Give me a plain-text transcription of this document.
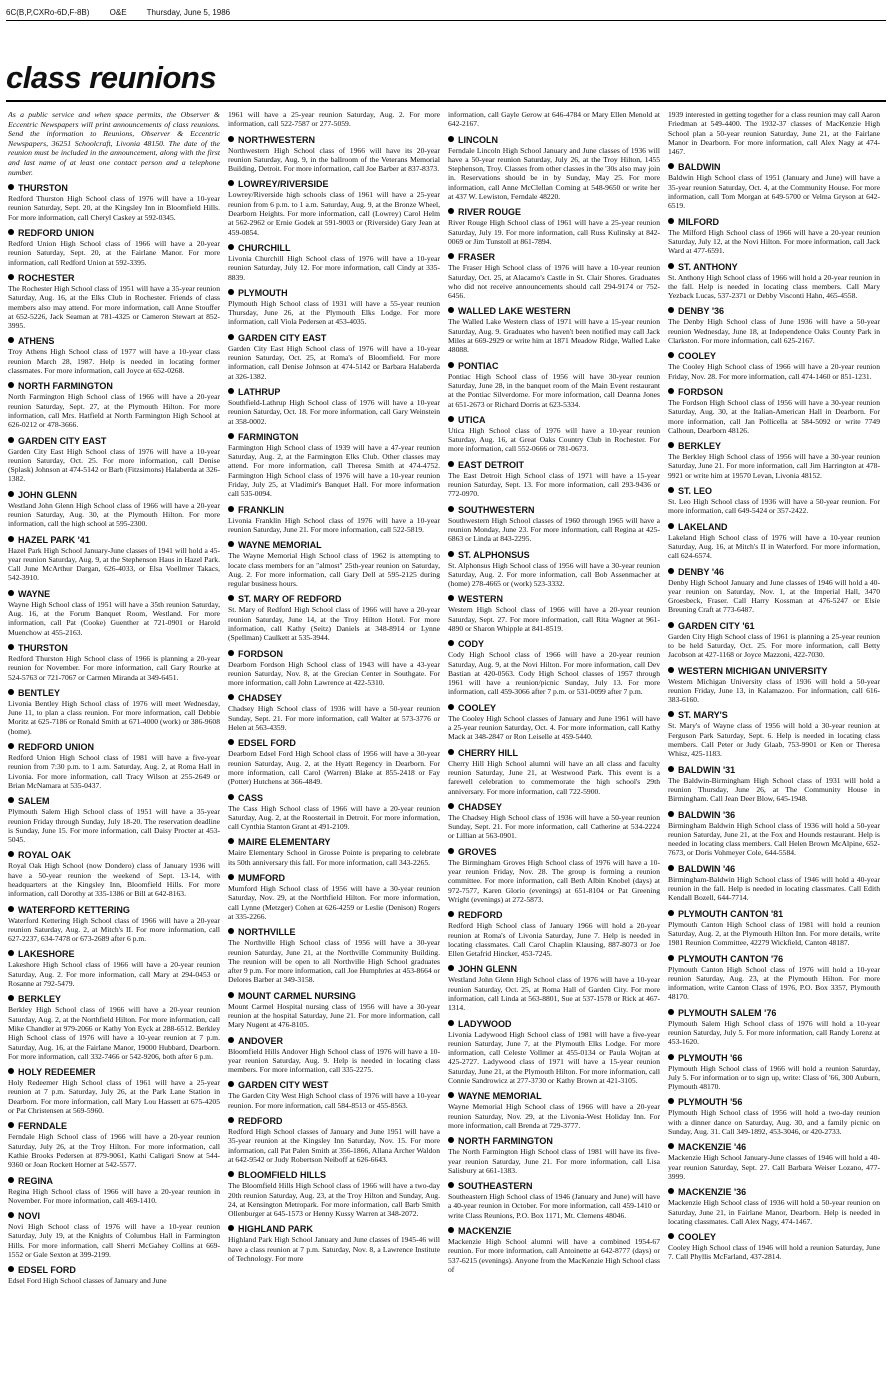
6C(B,P,CXRo-6D,F-8B)	O&E	Thursday, June 5, 1986
class reunions

As a public service and when space permits, the Observer & Eccentric Newspapers will print announcements of class reunions. Send the information to Reunions, Observer & Eccentric Newspapers, 36251 Schoolcraft, Livonia 48150. The date of the reunion must be included in the announcement, along with the first and last name of at least one contact person and a telephone number.

THURSTON
Redford Thurston High School class of 1976 will have a 10-year reunion Saturday, Sept. 20, at the Kingsley Inn in Bloomfield Hills. For more information, call Cheryl Caskey at 592-0345.
REDFORD UNION
Redford Union High School class of 1966 will have a 20-year reunion Saturday, Sept. 20, at the Fairlane Manor. For more information, call Redford Union at 592-3395.
ROCHESTER
The Rochester High School class of 1951 will have a 35-year reunion Saturday, Aug. 16, at the Elks Club in Rochester. Friends of class members also may attend. For more information, call Anne Stouffer at 652-5226, Jack Seaman at 781-4325 or Cameron Stewart at 852-3995.
ATHENS
Troy Athens High School class of 1977 will have a 10-year class reunion March 28, 1987. Help is needed in locating former classmates. For more information, call Joyce at 652-0268.
NORTH FARMINGTON
North Farmington High School class of 1966 will have a 20-year reunion Saturday, Sept. 27, at the Plymouth Hilton. For more information, call Mrs. Hatfield at North Farmington High School at 626-0212 or 478-3666.
GARDEN CITY EAST
Garden City East High School class of 1976 will have a 10-year reunion Saturday, Oct. 25. For more information, call Denise (Splask) Johnson at 474-5142 or Barb (Fitzsimons) Halaberda at 326-1382.
JOHN GLENN
Westland John Glenn High School class of 1966 will have a 20-year reunion Saturday, Aug. 30, at the Plymouth Hilton. For more information, call the high school at 595-2300.
HAZEL PARK '41
Hazel Park High School January-June classes of 1941 will hold a 45-year reunion Saturday, Aug. 9, at the Stephenson Haus in Hazel Park. Call June McArthur Dargan, 626-4033, or Elsa Voellmer Takacs, 542-3910.
WAYNE
Wayne High School class of 1951 will have a 35th reunion Saturday, Aug. 16, at the Forum Banquet Room, Westland. For more information, call Pat (Cooke) Guenther at 721-0901 or Harold Muenchow at 455-2163.
THURSTON
Redford Thurston High School class of 1966 is planning a 20-year reunion for November. For more information, call Gary Rourke at 524-5763 or 721-7067 or Carmen Miranda at 349-6451.
BENTLEY
Livonia Bentley High School class of 1976 will meet Wednesday, June 11, to plan a class reunion. For more information, call Debbie Moritz at 625-7186 or Ronald Smith at 671-4000 (work) or 386-9608 (home).
REDFORD UNION
Redford Union High School class of 1981 will have a five-year reunion from 7:30 p.m. to 1 a.m. Saturday, Aug. 2, at Roma Hall in Livonia. For more information, call Tracy Wilson at 255-2649 or Brian McNamara at 535-0437.
SALEM
Plymouth Salem High School class of 1951 will have a 35-year reunion Friday through Sunday, July 18-20. The reservation deadline is Sunday, June 15. For more information, call Daisy Procter at 453-5045.
ROYAL OAK
Royal Oak High School (now Dondero) class of January 1936 will have a 50-year reunion the weekend of Sept. 13-14, with headquarters at the Kingsley Inn, Bloomfield Hills. For more information, call Dorothy at 335-1386 or Bill at 642-8163.
WATERFORD KETTERING
Waterford Kettering High School class of 1966 will have a 20-year reunion Saturday, Aug. 2, at Mitch's II. For more information, call 627-2237, 634-7478 or 673-2689 after 6 p.m.
LAKESHORE
Lakeshore High School class of 1966 will have a 20-year reunion Saturday, Aug. 2. For more information, call Mary at 294-0453 or Rosanne at 792-5479.
BERKLEY
Berkley High School class of 1966 will have a 20-year reunion Saturday, Aug. 2, at the Northfield Hilton. For more information, call Mike Chandler at 979-2066 or Kathy Yon Eyck at 288-6512. Berkley High School class of 1976 will have a 10-year reunion at 7 p.m. Saturday, Aug. 16, at the Fairlane Manor, 19000 Hubbard, Dearborn. For more information, call 332-7466 or 542-9206, both after 6 p.m.
HOLY REDEEMER
Holy Redeemer High School class of 1961 will have a 25-year reunion at 7 p.m. Saturday, July 26, at the Park Lane Station in Dearborn. For more information, call Mary Lou Hassett at 675-4205 or Pat Christensen at 569-5960.
FERNDALE
Ferndale High School class of 1966 will have a 20-year reunion Saturday, July 26, at the Troy Hilton. For more information, call Kathie Brooks Pedersen at 879-9061, Kathi Caligari Snow at 544-9360 or Joan Rockett Horner at 542-5577.
REGINA
Regina High School class of 1966 will have a 20-year reunion in November. For more information, call 469-1410.
NOVI
Novi High School class of 1976 will have a 10-year reunion Saturday, July 19, at the Knights of Columbus Hall in Farmington Hills. For more information, call Sherri McGahey Collins at 669-1552 or Gale Sexton at 399-2199.
EDSEL FORD
Edsel Ford High School classes of January and June
1961 will have a 25-year reunion Saturday, Aug. 2. For more information, call 522-7587 or 277-5059.
NORTHWESTERN
Northwestern High School class of 1966 will have its 20-year reunion Saturday, Aug. 9, in the ballroom of the Veterans Memorial Building, Detroit. For more information, call Joe Barber at 837-8373.
LOWREY/RIVERSIDE
Lowrey/Riverside high schools class of 1961 will have a 25-year reunion from 6 p.m. to 1 a.m. Saturday, Aug. 9, at the Bronze Wheel, Dearborn Heights. For more information, call (Lowrey) Carol Helm at 562-2962 or Ernie Godek at 591-9003 or (Riverside) Gary Jean at 459-0854.
CHURCHILL
Livonia Churchill High School class of 1976 will have a 10-year reunion Saturday, July 12. For more information, call Cindy at 335-8839.
PLYMOUTH
Plymouth High School class of 1931 will have a 55-year reunion Thursday, June 26, at the Plymouth Elks Lodge. For more information, call Viola Pedersen at 453-4035.
GARDEN CITY EAST
Garden City East High School class of 1976 will have a 10-year reunion Saturday, Oct. 25, at Roma's of Bloomfield. For more information, call Denise Johnson at 474-5142 or Barbara Halaberda at 326-1382.
LATHRUP
Southfield-Lathrup High School class of 1976 will have a 10-year reunion Saturday, Oct. 18. For more information, call Gary Weinstein at 358-0002.
FARMINGTON
Farmington High School class of 1939 will have a 47-year reunion Saturday, Aug. 2, at the Farmington Elks Club. Other classes may attend. For more information, call Theresa Smith at 474-4752. Farmington High School class of 1976 will have a 10-year reunion Friday, July 25, at Vladimir's Banquet Hall. For more information call 535-0094.
FRANKLIN
Livonia Franklin High School class of 1976 will have a 10-year reunion Saturday, June 21. For more information, call 522-5819.
WAYNE MEMORIAL
The Wayne Memorial High School class of 1962 is attempting to locate class members for an "almost" 25th-year reunion on Saturday, Aug. 2. For more information, call Gary Dell at 595-2125 during regular business hours.
ST. MARY OF REDFORD
St. Mary of Redford High School class of 1966 will have a 20-year reunion Saturday, June 14, at the Troy Hilton Hotel. For more information, call Kathy (Seitz) Daniels at 348-8914 or Lynne (Spellman) Caulkett at 535-3944.
FORDSON
Dearborn Fordson High School class of 1943 will have a 43-year reunion Saturday, Nov. 8, at the Grecian Center in Southgate. For more information, call John Lawrence at 422-5310.
CHADSEY
Chadsey High School class of 1936 will have a 50-year reunion Sunday, Sept. 21. For more information, call Walter at 573-3776 or Helen at 563-4359.
EDSEL FORD
Dearborn Edsel Ford High School class of 1956 will have a 30-year reunion Saturday, Aug. 2, at the Hyatt Regency in Dearborn. For more information, call Carol (Warren) Blake at 855-2418 or Fay (Potter) Hutchens at 366-4849.
CASS
The Cass High School class of 1966 will have a 20-year reunion Saturday, Aug. 2, at the Roostertail in Detroit. For more information, call Cynthia Stanton Grant at 491-2109.
MAIRE ELEMENTARY
Maire Elementary School in Grosse Pointe is preparing to celebrate its 50th anniversary this fall. For more information, call 343-2265.
MUMFORD
Mumford High School class of 1956 will have a 30-year reunion Saturday, Nov. 29, at the Northfield Hilton. For more information, call Lynne (Metzger) Cohen at 626-4259 or Leslie (Denison) Rogers at 335-2266.
NORTHVILLE
The Northville High School class of 1956 will have a 30-year reunion Saturday, June 21, at the Northville Community Building. The reunion will be open to all Northville High School graduates after 9 p.m. For more information, call Joe Humphries at 453-8664 or Delores Barber at 349-3158.
MOUNT CARMEL NURSING
Mount Carmel Hospital nursing class of 1956 will have a 30-year reunion at the hospital Saturday, June 21. For more information, call Mary Nugent at 476-8105.
ANDOVER
Bloomfield Hills Andover High School class of 1976 will have a 10-year reunion Saturday, Aug. 9. Help is needed in locating class members. For more information, call 335-2275.
GARDEN CITY WEST
The Garden City West High School class of 1976 will have a 10-year reunion. For more information, call 584-8513 or 455-8563.
REDFORD
Redford High School classes of January and June 1951 will have a 35-year reunion at the Kingsley Inn Saturday, Nov. 15. For more information, call Pat Palen Smith at 356-1866, Allana Archer Waldon at 642-9542 or Judy Robertson Neiboff at 626-6643.
BLOOMFIELD HILLS
The Bloomfield Hills High School class of 1966 will have a two-day 20th reunion Saturday, Aug. 23, at the Troy Hilton and Sunday, Aug. 24, at Kensington Metropark. For more information, call Barb Smith Ollenburger at 645-1573 or Henny Kussy Warren at 348-2072.
HIGHLAND PARK
Highland Park High School January and June classes of 1945-46 will have a class reunion at 7 p.m. Saturday, Nov. 8, a Lawrence Institute of Technology. For more
information, call Gayle Gerow at 646-4784 or Mary Ellen Menold at 642-2167.
LINCOLN
Ferndale Lincoln High School January and June classes of 1936 will have a 50-year reunion Saturday, July 26, at the Troy Hilton, 1455 Stephenson, Troy. Classes from other classes in the '30s also may join in. Reservations should be in by Sunday, May 25. For more information, call Anne McClellan Corning at 548-9650 or write her at 437 W. Lewiston, Ferndale 48220.
RIVER ROUGE
River Rouge High School class of 1961 will have a 25-year reunion Saturday, July 19. For more information, call Russ Kulinsky at 842-0069 or Jim Tunstoll at 861-7894.
FRASER
The Fraser High School class of 1976 will have a 10-year reunion Saturday, Oct. 25, at Alacamo's Castle in St. Clair Shores. Graduates who did not receive announcements should call 294-9174 or 752-6456.
WALLED LAKE WESTERN
The Walled Lake Western class of 1971 will have a 15-year reunion Saturday, Aug. 9. Graduates who haven't been notified may call Jack Miles at 669-2929 or write him at 1871 Meadow Ridge, Walled Lake 48088.
PONTIAC
Pontiac High School class of 1956 will have 30-year reunion Saturday, June 28, in the banquet room of the Main Event restaurant at the Pontiac Silverdome. For more information, call Deanna Jones at 651-2673 or Richard Dorris at 623-5334.
UTICA
Utica High School class of 1976 will have a 10-year reunion Saturday, Aug. 16, at Great Oaks Country Club in Rochester. For more information, call 552-0666 or 781-0673.
EAST DETROIT
The East Detroit High School class of 1971 will have a 15-year reunion Saturday, Sept. 13. For more information, call 293-9436 or 772-0970.
SOUTHWESTERN
Southwestern High School classes of 1960 through 1965 will have a reunion Monday, June 23. For more information, call Regina at 425-6863 or Linda at 843-2295.
ST. ALPHONSUS
St. Alphonsus High School class of 1956 will have a 30-year reunion Saturday, Aug. 2. For more information, call Bob Assenmacher at (home) 278-4665 or (work) 523-3332.
WESTERN
Western High School class of 1966 will have a 20-year reunion Saturday, Sept. 27. For more information, call Rita Wagner at 961-4890 or Sharon Whipple at 841-8519.
CODY
Cody High School class of 1966 will have a 20-year reunion Saturday, Aug. 9, at the Novi Hilton. For more information, call Dev Bastian at 420-0563. Cody High School classes of 1957 through 1961 will have a reunion/picnic Sunday, July 13. For more information, call 459-3066 after 7 p.m. or 531-0099 after 7 p.m.
COOLEY
The Cooley High School classes of January and June 1961 will have a 25-year reunion Saturday, Oct. 4. For more information, call Kathy Mack at 348-2847 or Ron Leiselle at 459-5440.
CHERRY HILL
Cherry Hill High School alumni will have an all class and faculty reunion Saturday, June 21, at Westwood Park. This event is a farewell celebration to commemorate the high school's 29th anniversary. For more information, call 722-5900.
CHADSEY
The Chadsey High School class of 1936 will have a 50-year reunion Sunday, Sept. 21. For more information, call Catherine at 534-2224 or Lillian at 563-0901.
GROVES
The Birmingham Groves High School class of 1976 will have a 10-year reunion Friday, Nov. 28. The group is forming a reunion committee. For more information, call Beth Albin Knobel (days) at 972-7577, Karen Glorio (evenings) at 651-8104 or Pat Greening Wright (evenings) at 272-5873.
REDFORD
Redford High School class of January 1966 will hold a 20-year reunion at Roma's of Livonia Saturday, June 7. Help is needed in locating classmates. Call Carol Chaplin Klausing, 887-8073 or Joe Ellen Getafrid Hincker, 453-7245.
JOHN GLENN
Westland John Glenn High School class of 1976 will have a 10-year reunion Saturday, Oct. 25, at Roma Hall of Garden City. For more information, call Linda at 563-8801, Sue at 537-1578 or Rick at 467-1314.
LADYWOOD
Livonia Ladywood High School class of 1981 will have a five-year reunion Saturday, June 7, at the Plymouth Elks Lodge. For more information, call Celeste Vollmer at 455-0134 or Paula Wojtan at 425-2727. Ladywood class of 1971 will have a 15-year reunion Saturday, June 21, at the Plymouth Hilton. For more information, call Connie Sandrowicz at 277-3730 or Kathy Brown at 421-3105.
WAYNE MEMORIAL
Wayne Memorial High School class of 1966 will have a 20-year reunion Saturday, Nov. 29, at the Livonia-West Holiday Inn. For more information, call Brenda at 729-3777.
NORTH FARMINGTON
The North Farmington High School class of 1981 will have its five-year reunion Saturday, June 21. For more information, call Lisa Salisbury at 661-1383.
SOUTHEASTERN
Southeastern High School class of 1946 (January and June) will have a 40-year reunion in October. For more information, call 459-1410 or write Class Reunions, P.O. Box 1171, Mt. Clemens 48046.
MACKENZIE
Mackenzie High School alumni will have a combined 1954-67 reunion. For more information, call Antoinette at 642-8777 (days) or 537-6215 (evenings). Anyone from the MacKenzie High School class of
1939 interested in getting together for a class reunion may call Aaron Friedman at 549-4400. The 1932-37 classes of MacKenzie High School plan a 50-year reunion Saturday, June 21, at the Fairlane Manor in Dearborn. For more information, call Alex Nagy at 474-1467.
BALDWIN
Baldwin High School class of 1951 (January and June) will have a 35-year reunion Saturday, Oct. 4, at the Community House. For more information, call Tom Morgan at 649-5700 or Velma Gryson at 642-6519.
MILFORD
The Milford High School class of 1966 will have a 20-year reunion Saturday, July 12, at the Novi Hilton. For more information, call Jack Ward at 477-6591.
ST. ANTHONY
St. Anthony High School class of 1966 will hold a 20-year reunion in the fall. Help is needed in locating class members. Call Mary Yezback Lucas, 537-2371 or Debby Visconti Hahn, 465-4558.
DENBY '36
The Denby High School class of June 1936 will have a 50-year reunion Wednesday, June 18, at Independence Oaks County Park in Clarkston. For more information, call 625-2167.
COOLEY
The Cooley High School class of 1966 will have a 20-year reunion Friday, Nov. 28. For more information, call 474-1460 or 851-1231.
FORDSON
The Fordson High School class of 1956 will have a 30-year reunion Saturday, Aug. 30, at the Italian-American Hall in Dearborn. For more information, call Jan Pollicella at 584-5092 or write 7749 Calhoun, Dearborn 48126.
BERKLEY
The Berkley High School class of 1956 will have a 30-year reunion Saturday, June 21. For more information, call Jim Harrington at 478-9921 or write him at 19570 Levan, Livonia 48152.
ST. LEO
St. Leo High School class of 1936 will have a 50-year reunion. For more information, call 649-5424 or 357-2422.
LAKELAND
Lakeland High School class of 1976 will have a 10-year reunion Saturday, Aug. 16, at Mitch's II in Waterford. For more information, call 624-6574.
DENBY '46
Denby High School January and June classes of 1946 will hold a 40-year reunion on Saturday, Nov. 1, at the Imperial Hall, 3470 Groesbeck, Fraser. Call Harry Kossman at 476-5247 or Elsie Breuning Craft at 773-6487.
GARDEN CITY '61
Garden City High School class of 1961 is planning a 25-year reunion to be held Saturday, Oct. 25. For more information, call Betty Jacobson at 427-1168 or Joyce Mazzoni, 422-7030.
WESTERN MICHIGAN UNIVERSITY
Western Michigan University class of 1936 will hold a 50-year reunion Friday, June 13, in Kalamazoo. For information, call 616-383-6160.
ST. MARY'S
St. Mary's of Wayne class of 1956 will hold a 30-year reunion at Ferguson Park Saturday, Sept. 6. Help is needed in locating class members. Call Peter or Judy Glaab, 753-9901 or Ken or Theresa Whisz, 425-1183.
BALDWIN '31
The Baldwin-Birmingham High School class of 1931 will hold a reunion Thursday, June 26, at The Community House in Birmingham. Call Jean Deer Blow, 645-1948.
BALDWIN '36
Birmingham Baldwin High School class of 1936 will hold a 50-year reunion Saturday, June 21, at the Fox and Hounds restaurant. Help is needed in locating class members. Call Helen Brown McAlpine, 652-7673, or Doris Vohmeyer Cole, 644-5584.
BALDWIN '46
Birmingham-Baldwin High School class of 1946 will hold a 40-year reunion in the fall. Help is needed in locating classmates. Call Edith Kendall Bozell, 644-7714.
PLYMOUTH CANTON '81
Plymouth Canton High School class of 1981 will hold a reunion Saturday, Aug. 2, at the Plymouth Hilton Inn. For more details, write 1981 Reunion Committee, 42279 Wickfield, Canton 48187.
PLYMOUTH CANTON '76
Plymouth Canton High School class of 1976 will hold a 10-year reunion Saturday, Aug. 23, at the Plymouth Hilton. For more information, write Canton Class of 1976, P.O. Box 3357, Plymouth 48170.
PLYMOUTH SALEM '76
Plymouth Salem High School class of 1976 will hold a 10-year reunion Saturday, July 5. For more information, call Randy Lorenz at 453-1620.
PLYMOUTH '66
Plymouth High School class of 1966 will hold a reunion Saturday, July 5. For information or to sign up, write: Class of '66, 300 Auburn, Plymouth 48170.
PLYMOUTH '56
Plymouth High School class of 1956 will hold a two-day reunion with a dinner dance on Saturday, Aug. 30, and a family picnic on Sunday, Aug. 31. Call 349-1892, 453-3046, or 420-2733.
MACKENZIE '46
Mackenzie High School January-June classes of 1946 will hold a 40-year reunion Saturday, Sept. 27. Call Barbara Weiser Lozano, 477-3999.
MACKENZIE '36
Mackenzie High School class of 1936 will hold a 50-year reunion on Saturday, June 21, in Fairlane Manor, Dearborn. Help is needed in locating classmates. Call Alex Nagy, 474-1467.
COOLEY
Cooley High School class of 1946 will hold a reunion Saturday, June 7. Call Phyllis McFarland, 437-2814.
